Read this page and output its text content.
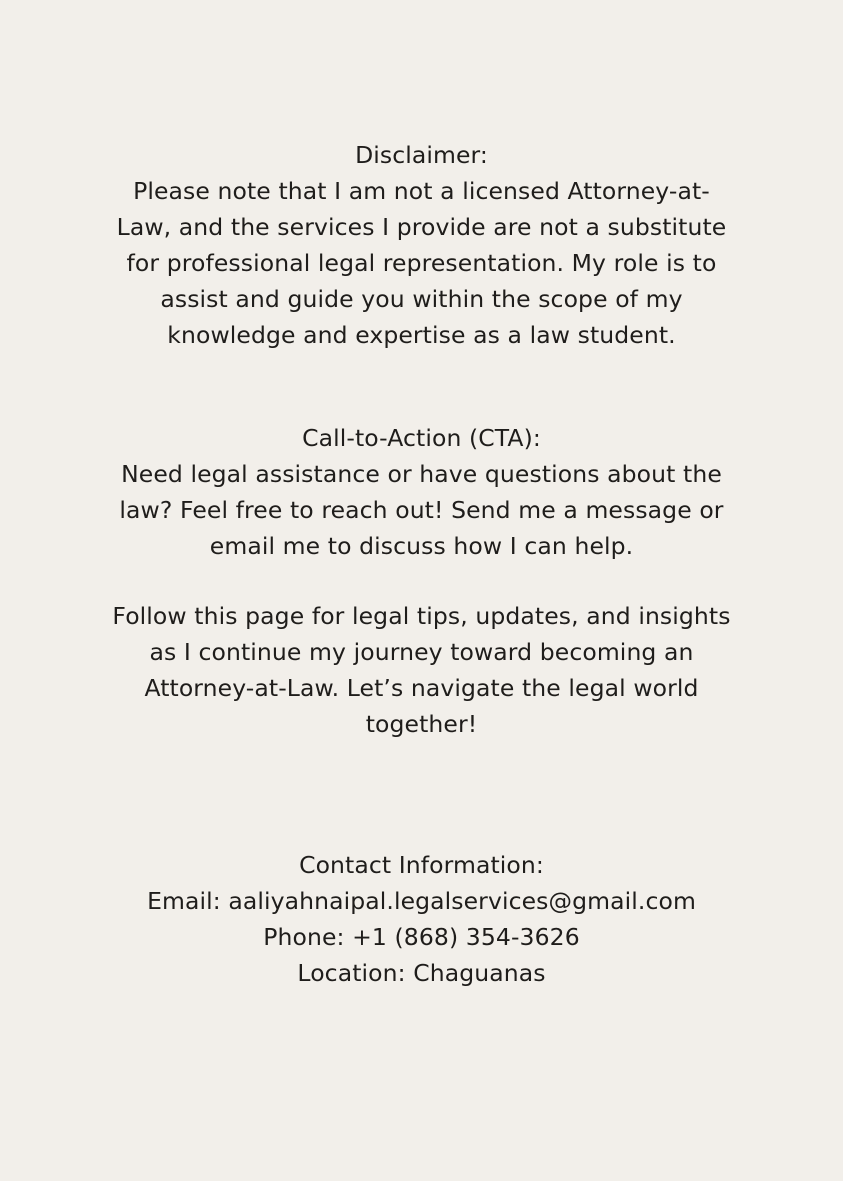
Disclaimer:
Please note that I am not a licensed Attorney-at-
Law, and the services I provide are not a substitute
for professional legal representation. My role is to
assist and guide you within the scope of my
knowledge and expertise as a law student.
Call-to-Action (CTA):
Need legal assistance or have questions about the
law? Feel free to reach out! Send me a message or
email me to discuss how I can help.
Follow this page for legal tips, updates, and insights
as I continue my journey toward becoming an
Attorney-at-Law. Let’s navigate the legal world
together!
Contact Information:
Email: aaliyahnaipal.legalservices@gmail.com
Phone: +1 (868) 354-3626
Location: Chaguanas
